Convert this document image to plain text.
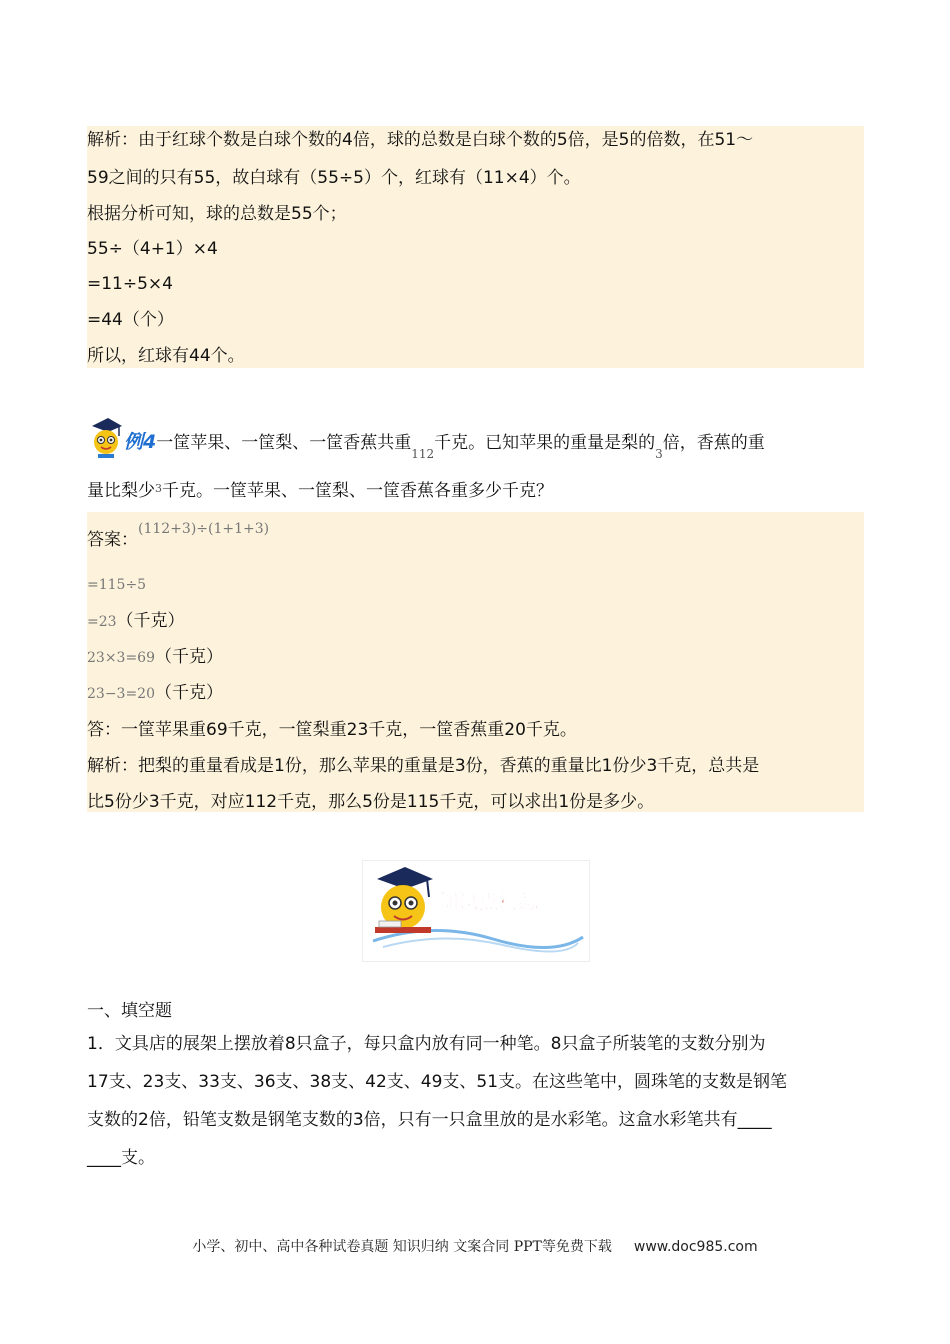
解析：由于红球个数是白球个数的4倍，球的总数是白球个数的5倍，是5的倍数，在51～
59之间的只有55，故白球有（55÷5）个，红球有（11×4）个。
根据分析可知，球的总数是55个；
55÷（4+1）×4
=11÷5×4
=44（个）
所以，红球有44个。
例4一筐苹果、一筐梨、一筐香蕉共重$_{112}$千克。已知苹果的重量是梨的$_3$倍，香蕉的重
量比梨少$^3$千克。一筐苹果、一筐梨、一筐香蕉各重多少千克？
答案：$^{(112+3)\div(1+1+3)}$
=115÷5
=23（千克）
23×3=69（千克）
23−3=20（千克）
答：一筐苹果重69千克，一筐梨重23千克，一筐香蕉重20千克。
解析：把梨的重量看成是1份，那么苹果的重量是3份，香蕉的重量比1份少3千克，总共是
比5份少3千克，对应112千克，那么5份是115千克，可以求出1份是多少。
知识点精练
一、填空题
1．文具店的展架上摆放着8只盒子，每只盒内放有同一种笔。8只盒子所装笔的支数分别为
17支、23支、33支、36支、38支、42支、49支、51支。在这些笔中，圆珠笔的支数是钢笔
支数的2倍，铅笔支数是钢笔支数的3倍，只有一只盒里放的是水彩笔。这盒水彩笔共有____
____支。
小学、初中、高中各种试卷真题 知识归纳 文案合同 PPT等免费下载 www.doc985.com
